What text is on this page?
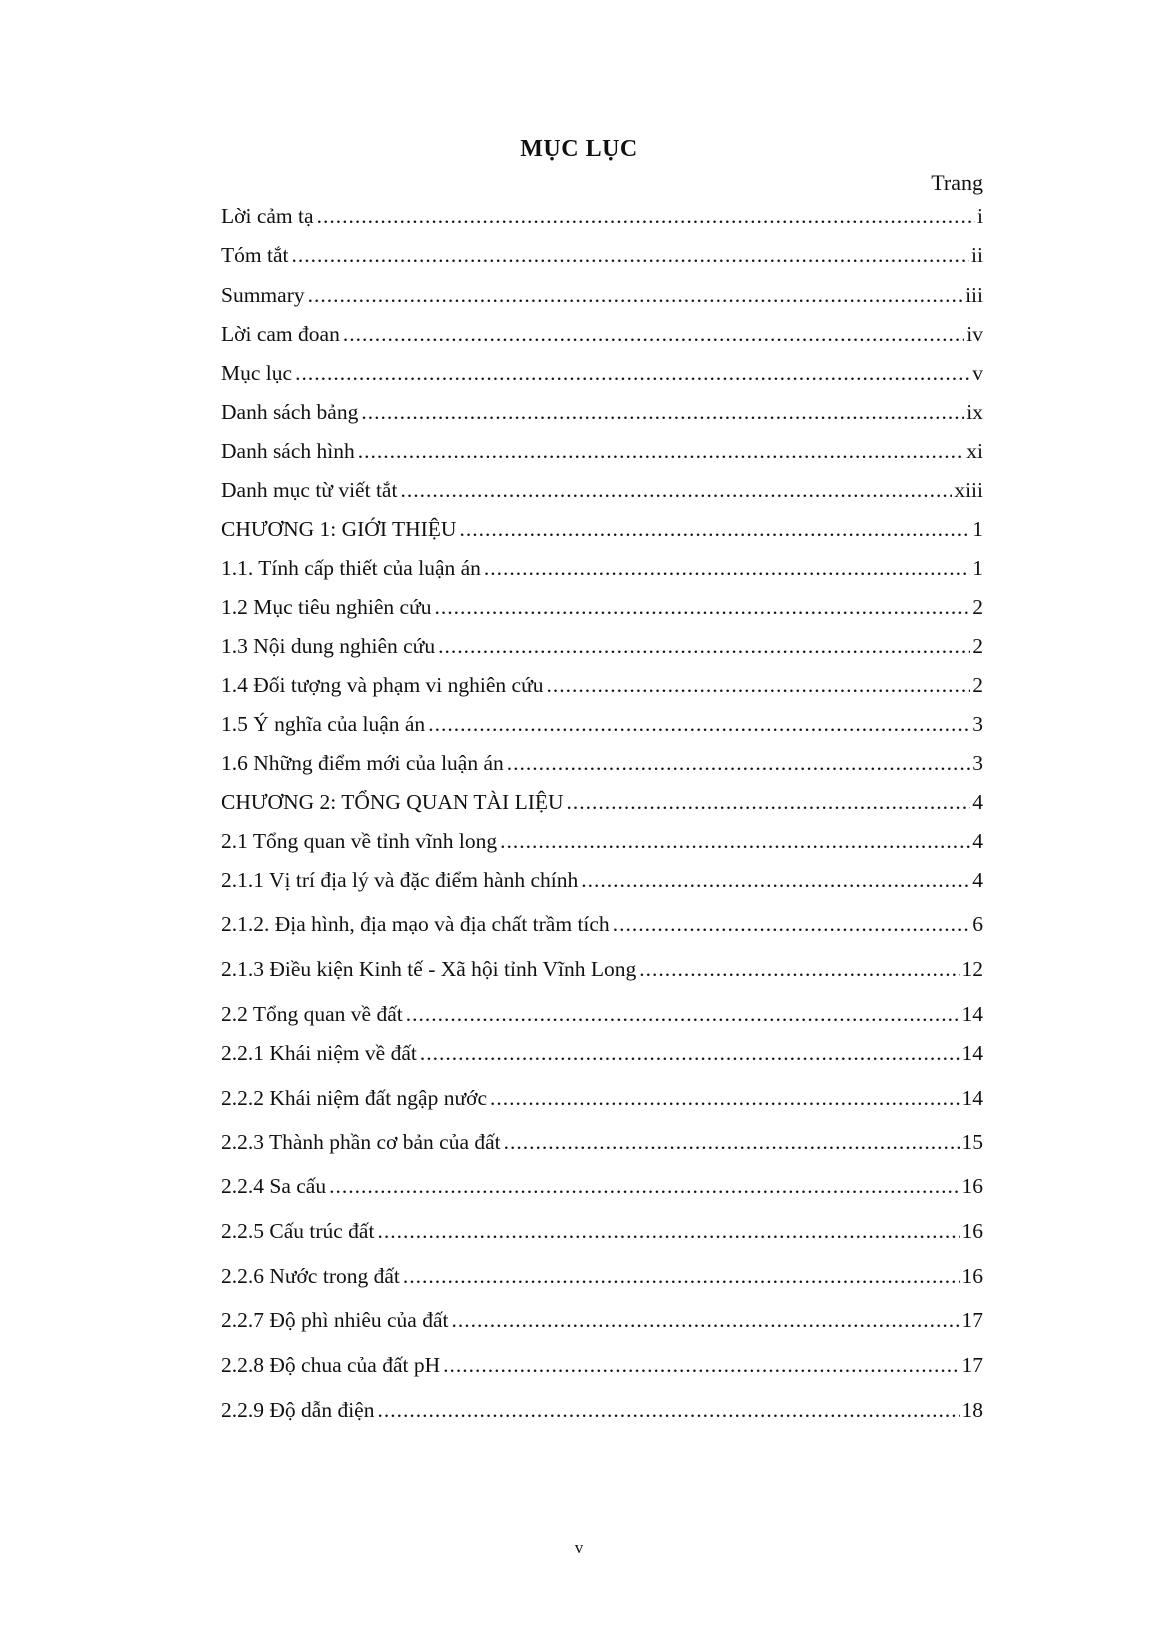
MỤC LỤC
Trang
Lời cảm tạ .....	i
Tóm tắt .....	ii
Summary .....	iii
Lời cam đoan .....	iv
Mục lục .....	v
Danh sách bảng .....	ix
Danh sách hình .....	xi
Danh mục từ viết tắt .....	xiii
CHƯƠNG 1: GIỚI THIỆU .....	1
1.1. Tính cấp thiết của luận án .....	1
1.2 Mục tiêu nghiên cứu .....	2
1.3 Nội dung nghiên cứu .....	2
1.4 Đối tượng và phạm vi nghiên cứu .....	2
1.5 Ý nghĩa của luận án .....	3
1.6 Những điểm mới của luận án .....	3
CHƯƠNG 2: TỔNG QUAN TÀI LIỆU .....	4
2.1 Tổng quan về tỉnh vĩnh long .....	4
2.1.1 Vị trí địa lý và đặc điểm hành chính .....	4
2.1.2. Địa hình, địa mạo và địa chất trầm tích .....	6
2.1.3 Điều kiện Kinh tế - Xã hội tỉnh Vĩnh Long .....	12
2.2 Tổng quan về đất .....	14
2.2.1 Khái niệm về đất .....	14
2.2.2 Khái niệm đất ngập nước .....	14
2.2.3 Thành phần cơ bản của đất .....	15
2.2.4 Sa cấu .....	16
2.2.5 Cấu trúc đất .....	16
2.2.6 Nước trong đất .....	16
2.2.7 Độ phì nhiêu của đất .....	17
2.2.8 Độ chua của đất pH .....	17
2.2.9 Độ dẫn điện .....	18
v
